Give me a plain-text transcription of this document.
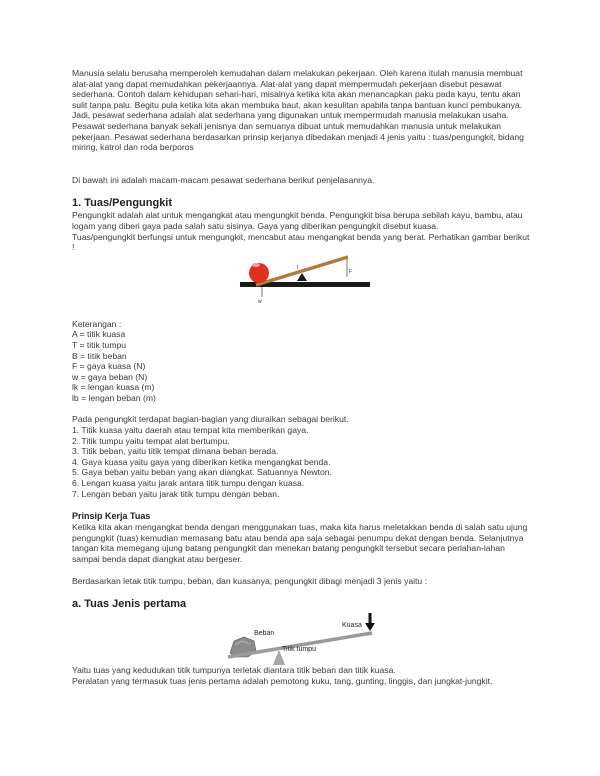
Manusia selalu berusaha memperoleh kemudahan dalam melakukan pekerjaan. Oleh karena itulah manusia membuat alat-alat yang dapat memudahkan pekerjaannya. Alat-alat yang dapat mempermudah pekerjaan disebut pesawat sederhana. Contoh dalam kehidupan sehari-hari, misalnya ketika kita akan menancapkan paku pada kayu, tentu akan sulit tanpa palu. Begitu pula ketika kita akan membuka baut, akan kesulitan apabila tanpa bantuan kunci pembukanya. Jadi, pesawat sederhana adalah alat sederhana yang digunakan untuk mempermudah manusia melakukan usaha. Pesawat sederhana banyak sekali jenisnya dan semuanya dibuat untuk memudahkan manusia untuk melakukan pekerjaan. Pesawat sederhana berdasarkan prinsip kerjanya dibedakan menjadi 4 jenis yaitu : tuas/pengungkit, bidang miring, katrol dan roda berporos

Di bawah ini adalah macam-macam pesawat sederhana berikut penjelasannya.

1. Tuas/Pengungkit

Pengungkit adalah alat untuk mengangkat atau mengungkit benda. Pengungkit bisa berupa sebilah kayu, bambu, atau logam yang diberi gaya pada salah satu sisinya. Gaya yang diberikan pengungkit disebut kuasa.

Tuas/pengungkit berfungsi untuk mengungkit, mencabut atau mengangkat benda yang berat. Perhatikan gambar berikut !

l
F
w

Keterangan :

A = titik kuasa
T = titik tumpu
B = titik beban
F = gaya kuasa (N)
w = gaya beban (N)
lk = lengan kuasa (m)
lb = lengan beban (m)

Pada pengungkit terdapat bagian-bagian yang diuraikan sebagai berikut.

1. Titik kuasa yaitu daerah atau tempat kita memberikan gaya.
2. Titik tumpu yaitu tempat alat bertumpu.
3. Titik beban, yaitu titik tempat dimana beban berada.
4. Gaya kuasa yaitu gaya yang diberikan ketika mengangkat benda.
5. Gaya beban yaitu beban yang akan diangkat. Satuannya Newton.
6. Lengan kuasa yaitu jarak antara titik tumpu dengan kuasa.
7. Lengan beban yaitu jarak titik tumpu dengan beban.
Prinsip Kerja Tuas

Ketika kita akan mengangkat benda dengan menggunakan tuas, maka kita harus meletakkan benda di salah satu ujung pengungkit (tuas) kemudian memasang batu atau benda apa saja sebagai penumpu dekat dengan benda. Selanjutnya tangan kita memegang ujung batang pengungkit dan menekan batang pengungkit tersebut secara perlahan-lahan sampai benda dapat diangkat atau bergeser.

Berdasarkan letak titik tumpu, beban, dan kuasanya, pengungkit dibagi menjadi 3 jenis yaitu :

a. Tuas Jenis pertama
Kuasa
Beban
Titik tumpu

Yaitu tuas yang kedudukan titik tumpunya terletak diantara titik beban dan titik kuasa.

Peralatan yang termasuk tuas jenis pertama adalah pemotong kuku, tang, gunting, linggis, dan jungkat-jungkit.
